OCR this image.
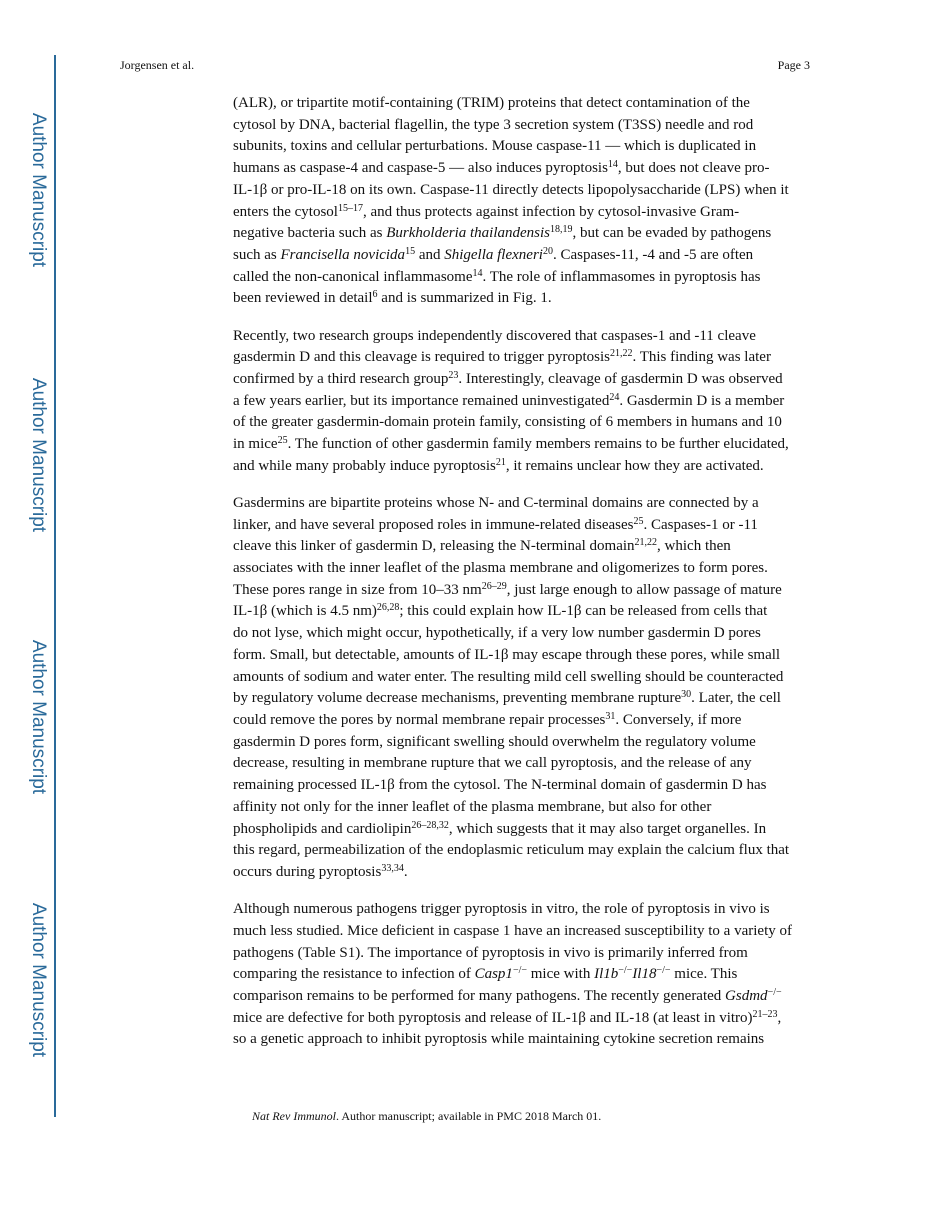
Author Manuscript
Author Manuscript
Author Manuscript
Author Manuscript
Jorgensen et al.	Page 3
(ALR), or tripartite motif-containing (TRIM) proteins that detect contamination of the
cytosol by DNA, bacterial flagellin, the type 3 secretion system (T3SS) needle and rod
subunits, toxins and cellular perturbations. Mouse caspase-11 — which is duplicated in
humans as caspase-4 and caspase-5 — also induces pyroptosis$^{14}$, but does not cleave pro-
IL-1β or pro-IL-18 on its own. Caspase-11 directly detects lipopolysaccharide (LPS) when it
enters the cytosol$^{15-17}$, and thus protects against infection by cytosol-invasive Gram-
negative bacteria such as Burkholderia thailandensis$^{18,19}$, but can be evaded by pathogens
such as Francisella novicida$^{15}$ and Shigella flexneri$^{20}$. Caspases-11, -4 and -5 are often
called the non-canonical inflammasome$^{14}$. The role of inflammasomes in pyroptosis has
been reviewed in detail$^6$ and is summarized in Fig. 1.
Recently, two research groups independently discovered that caspases-1 and -11 cleave
gasdermin D and this cleavage is required to trigger pyroptosis$^{21,22}$. This finding was later
confirmed by a third research group$^{23}$. Interestingly, cleavage of gasdermin D was observed
a few years earlier, but its importance remained uninvestigated$^{24}$. Gasdermin D is a member
of the greater gasdermin-domain protein family, consisting of 6 members in humans and 10
in mice$^{25}$. The function of other gasdermin family members remains to be further elucidated,
and while many probably induce pyroptosis$^{21}$, it remains unclear how they are activated.
Gasdermins are bipartite proteins whose N- and C-terminal domains are connected by a
linker, and have several proposed roles in immune-related diseases$^{25}$. Caspases-1 or -11
cleave this linker of gasdermin D, releasing the N-terminal domain$^{21,22}$, which then
associates with the inner leaflet of the plasma membrane and oligomerizes to form pores.
These pores range in size from 10–33 $nm^{26-29}$, just large enough to allow passage of mature
IL-1β (which is 4.5 nm)$^{26,28}$; this could explain how IL-1β can be released from cells that
do not lyse, which might occur, hypothetically, if a very low number gasdermin D pores
form. Small, but detectable, amounts of IL-1β may escape through these pores, while small
amounts of sodium and water enter. The resulting mild cell swelling should be counteracted
by regulatory volume decrease mechanisms, preventing membrane rupture$^{30}$. Later, the cell
could remove the pores by normal membrane repair processes$^{31}$. Conversely, if more
gasdermin D pores form, significant swelling should overwhelm the regulatory volume
decrease, resulting in membrane rupture that we call pyroptosis, and the release of any
remaining processed IL-1β from the cytosol. The N-terminal domain of gasdermin D has
affinity not only for the inner leaflet of the plasma membrane, but also for other
phospholipids and cardiolipin$^{26-28,32}$, which suggests that it may also target organelles. In
this regard, permeabilization of the endoplasmic reticulum may explain the calcium flux that
occurs during pyroptosis$^{33,34}$.
Although numerous pathogens trigger pyroptosis in vitro, the role of pyroptosis in vivo is
much less studied. Mice deficient in caspase 1 have an increased susceptibility to a variety of
pathogens (Table S1). The importance of pyroptosis in vivo is primarily inferred from
comparing the resistance to infection of Casp1−/− mice with Il1b−/−Il18−/− mice. This
comparison remains to be performed for many pathogens. The recently generated Gsdmd−/−
mice are defective for both pyroptosis and release of IL-1β and IL-18 (at least in vitro)$^{21-23}$,
so a genetic approach to inhibit pyroptosis while maintaining cytokine secretion remains
Nat Rev Immunol. Author manuscript; available in PMC 2018 March 01.
